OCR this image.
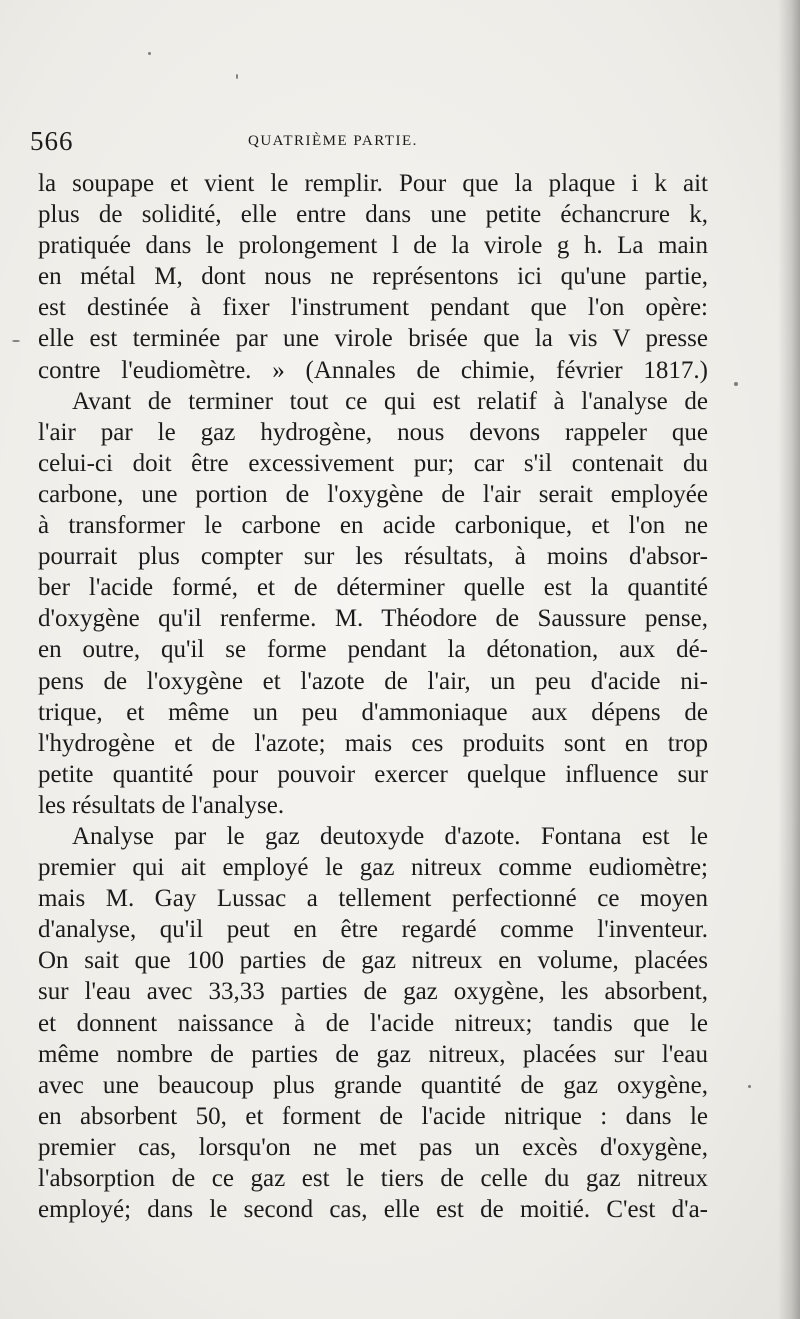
566	QUATRIÈME PARTIE.
la soupape et vient le remplir. Pour que la plaque i k ait
plus de solidité, elle entre dans une petite échancrure k,
pratiquée dans le prolongement l de la virole g h. La main
en métal M, dont nous ne représentons ici qu'une partie,
est destinée à fixer l'instrument pendant que l'on opère:
elle est terminée par une virole brisée que la vis V presse
contre l'eudiomètre. » (Annales de chimie, février 1817.)
Avant de terminer tout ce qui est relatif à l'analyse de
l'air par le gaz hydrogène, nous devons rappeler que
celui-ci doit être excessivement pur; car s'il contenait du
carbone, une portion de l'oxygène de l'air serait employée
à transformer le carbone en acide carbonique, et l'on ne
pourrait plus compter sur les résultats, à moins d'absor-
ber l'acide formé, et de déterminer quelle est la quantité
d'oxygène qu'il renferme. M. Théodore de Saussure pense,
en outre, qu'il se forme pendant la détonation, aux dé-
pens de l'oxygène et l'azote de l'air, un peu d'acide ni-
trique, et même un peu d'ammoniaque aux dépens de
l'hydrogène et de l'azote; mais ces produits sont en trop
petite quantité pour pouvoir exercer quelque influence sur
les résultats de l'analyse.
Analyse par le gaz deutoxyde d'azote. Fontana est le
premier qui ait employé le gaz nitreux comme eudiomètre;
mais M. Gay Lussac a tellement perfectionné ce moyen
d'analyse, qu'il peut en être regardé comme l'inventeur.
On sait que 100 parties de gaz nitreux en volume, placées
sur l'eau avec 33,33 parties de gaz oxygène, les absorbent,
et donnent naissance à de l'acide nitreux; tandis que le
même nombre de parties de gaz nitreux, placées sur l'eau
avec une beaucoup plus grande quantité de gaz oxygène,
en absorbent 50, et forment de l'acide nitrique : dans le
premier cas, lorsqu'on ne met pas un excès d'oxygène,
l'absorption de ce gaz est le tiers de celle du gaz nitreux
employé; dans le second cas, elle est de moitié. C'est d'a-
